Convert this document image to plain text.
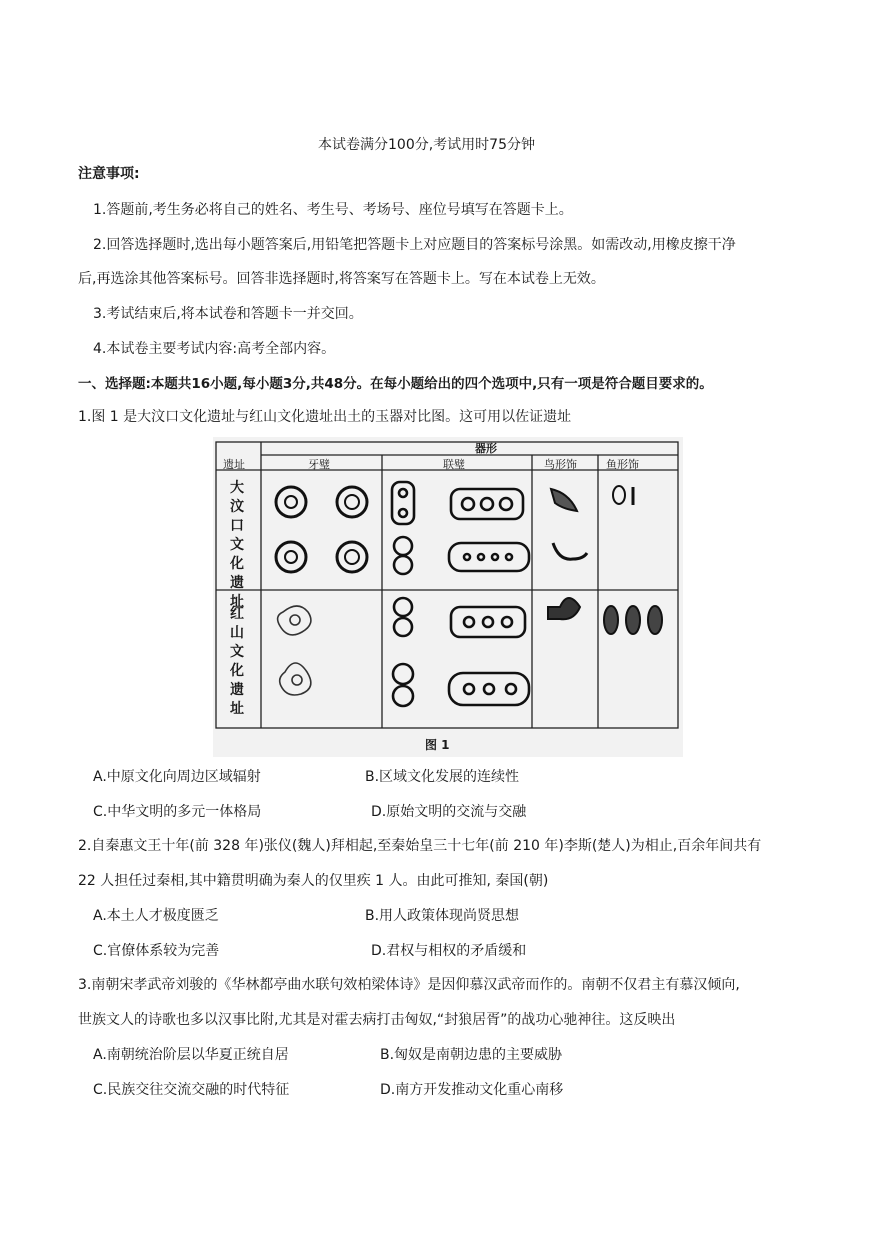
本试卷满分100分,考试用时75分钟
注意事项:
1.答题前,考生务必将自己的姓名、考生号、考场号、座位号填写在答题卡上。
2.回答选择题时,选出每小题答案后,用铅笔把答题卡上对应题目的答案标号涂黑。如需改动,用橡皮擦干净
后,再选涂其他答案标号。回答非选择题时,将答案写在答题卡上。写在本试卷上无效。
3.考试结束后,将本试卷和答题卡一并交回。
4.本试卷主要考试内容:高考全部内容。
一、选择题:本题共16小题,每小题3分,共48分。在每小题给出的四个选项中,只有一项是符合题目要求的。
1.图 1 是大汶口文化遗址与红山文化遗址出土的玉器对比图。这可用以佐证遗址
器形
遗址	牙璧	联璧	鸟形饰	鱼形饰
大汶口文化遗址
红山文化遗址
图 1
A.中原文化向周边区域辐射	B.区域文化发展的连续性
C.中华文明的多元一体格局	D.原始文明的交流与交融
2.自秦惠文王十年(前 328 年)张仪(魏人)拜相起,至秦始皇三十七年(前 210 年)李斯(楚人)为相止,百余年间共有
22 人担任过秦相,其中籍贯明确为秦人的仅里疾 1 人。由此可推知, 秦国(朝)
A.本土人才极度匮乏	B.用人政策体现尚贤思想
C.官僚体系较为完善	D.君权与相权的矛盾缓和
3.南朝宋孝武帝刘骏的《华林都亭曲水联句效柏梁体诗》是因仰慕汉武帝而作的。南朝不仅君主有慕汉倾向,
世族文人的诗歌也多以汉事比附,尤其是对霍去病打击匈奴,“封狼居胥”的战功心驰神往。这反映出
A.南朝统治阶层以华夏正统自居	B.匈奴是南朝边患的主要威胁
C.民族交往交流交融的时代特征	D.南方开发推动文化重心南移
